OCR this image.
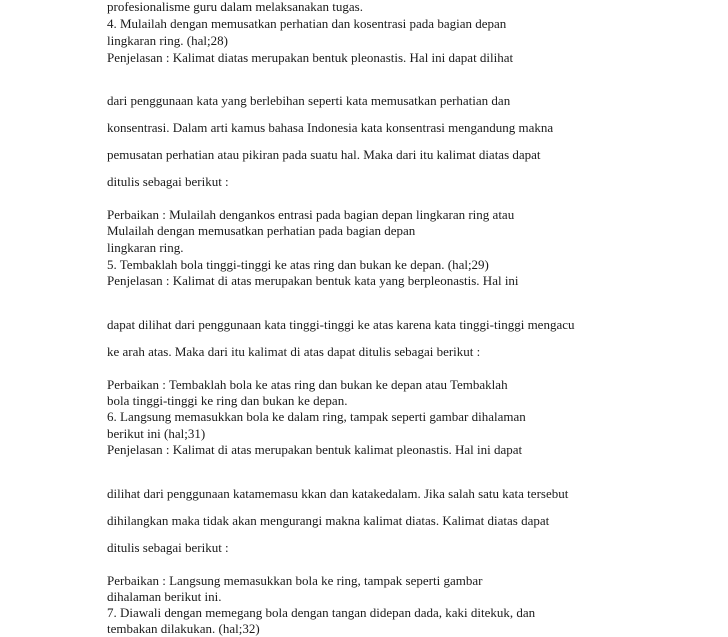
profesionalisme guru dalam melaksanakan tugas.
4. Mulailah dengan memusatkan perhatian dan kosentrasi pada bagian depan
lingkaran ring. (hal;28)
Penjelasan : Kalimat diatas merupakan bentuk pleonastis. Hal ini dapat dilihat
dari penggunaan kata yang berlebihan seperti kata memusatkan perhatian dan
konsentrasi. Dalam arti kamus bahasa Indonesia kata konsentrasi mengandung makna
pemusatan perhatian atau pikiran pada suatu hal. Maka dari itu kalimat diatas dapat
ditulis sebagai berikut :
Perbaikan : Mulailah dengankos entrasi pada bagian depan lingkaran ring atau
Mulailah dengan memusatkan perhatian pada bagian depan
lingkaran ring.
5. Tembaklah bola tinggi-tinggi ke atas ring dan bukan ke depan. (hal;29)
Penjelasan : Kalimat di atas merupakan bentuk kata yang berpleonastis. Hal ini
dapat dilihat dari penggunaan kata tinggi-tinggi ke atas karena kata tinggi-tinggi mengacu
ke arah atas. Maka dari itu kalimat di atas dapat ditulis sebagai berikut :
Perbaikan : Tembaklah bola ke atas ring dan bukan ke depan atau Tembaklah
bola tinggi-tinggi ke ring dan bukan ke depan.
6. Langsung memasukkan bola ke dalam ring, tampak seperti gambar dihalaman
berikut ini (hal;31)
Penjelasan : Kalimat di atas merupakan bentuk kalimat pleonastis. Hal ini dapat
dilihat dari penggunaan katamemasu kkan dan katakedalam. Jika salah satu kata tersebut
dihilangkan maka tidak akan mengurangi makna kalimat diatas. Kalimat diatas dapat
ditulis sebagai berikut :
Perbaikan : Langsung memasukkan bola ke ring, tampak seperti gambar
dihalaman berikut ini.
7. Diawali dengan memegang bola dengan tangan didepan dada, kaki ditekuk, dan
tembakan dilakukan. (hal;32)
